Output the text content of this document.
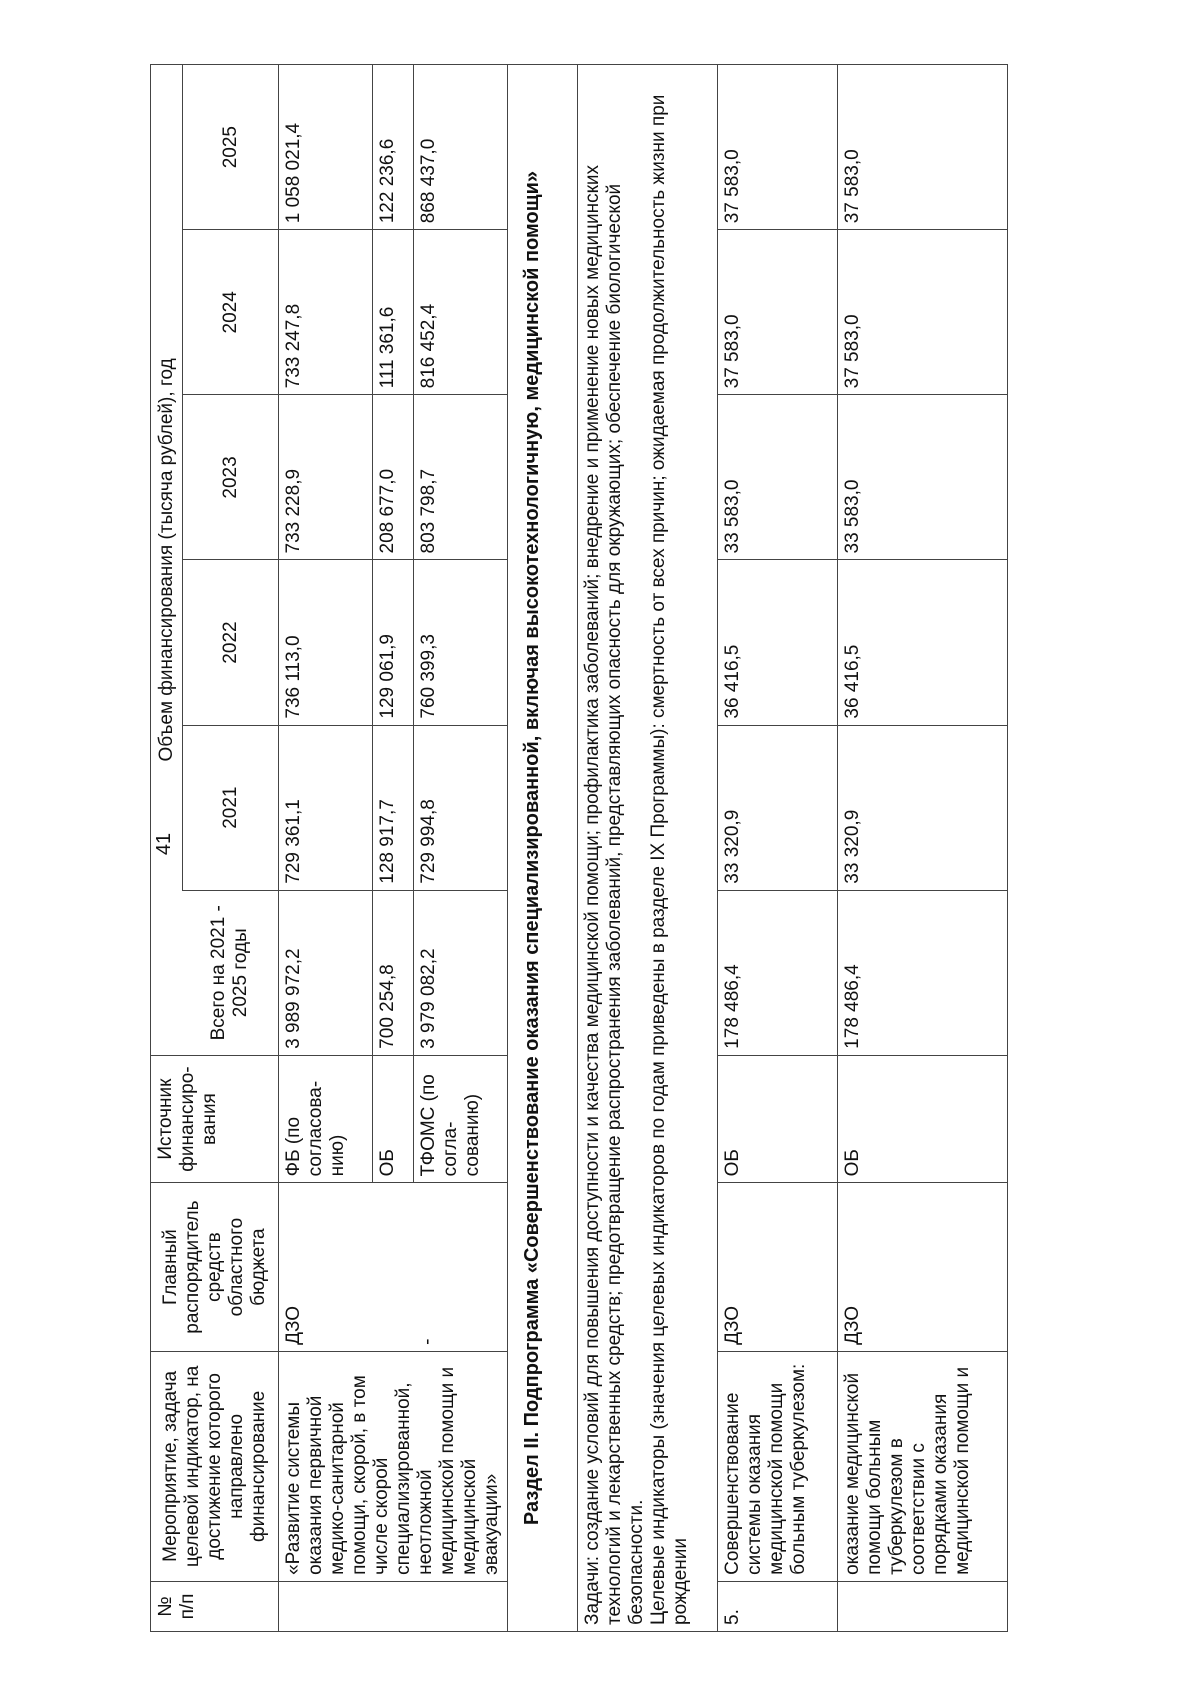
41
№ п/п	Мероприятие, задача целевой индикатор, на достижение которого направлено финансирование	Главный распорядитель средств областного бюджета	Источник финансиро-вания	Объем финансирования (тысяча рублей), год					
				Всего на 2021 - 2025 годы	2021	2022	2023	2024	2025
	«Развитие системы оказания первичной медико-санитарной помощи, скорой, в том числе скорой специализированной, неотложной медицинской помощи и медицинской эвакуации»	ДЗО	ФБ (по согласова-нию)	3 989 972,2	729 361,1	736 113,0	733 228,9	733 247,8	1 058 021,4
			ОБ	700 254,8	128 917,7	129 061,9	208 677,0	111 361,6	122 236,6
		-	ТФОМС (по согла-сованию)	3 979 082,2	729 994,8	760 399,3	803 798,7	816 452,4	868 437,0
Раздел II. Подпрограмма «Совершенствование оказания специализированной, включая высокотехнологичную, медицинской помощи»									

Задачи: создание условий для повышения доступности и качества медицинской помощи; профилактика заболеваний; внедрение и применение новых медицинских технологий и лекарственных средств; предотвращение распространения заболеваний, представляющих опасность для окружающих; обеспечение биологической безопасности. Целевые индикаторы (значения целевых индикаторов по годам приведены в разделе IX Программы): смертность от всех причин; ожидаемая продолжительность жизни при рождении									

5.	Совершенствование системы оказания медицинской помощи больным туберкулезом:	ДЗО	ОБ	178 486,4	33 320,9	36 416,5	33 583,0	37 583,0	37 583,0
	оказание медицинской помощи больным туберкулезом в соответствии с порядками оказания медицинской помощи и	ДЗО	ОБ	178 486,4	33 320,9	36 416,5	33 583,0	37 583,0	37 583,0
